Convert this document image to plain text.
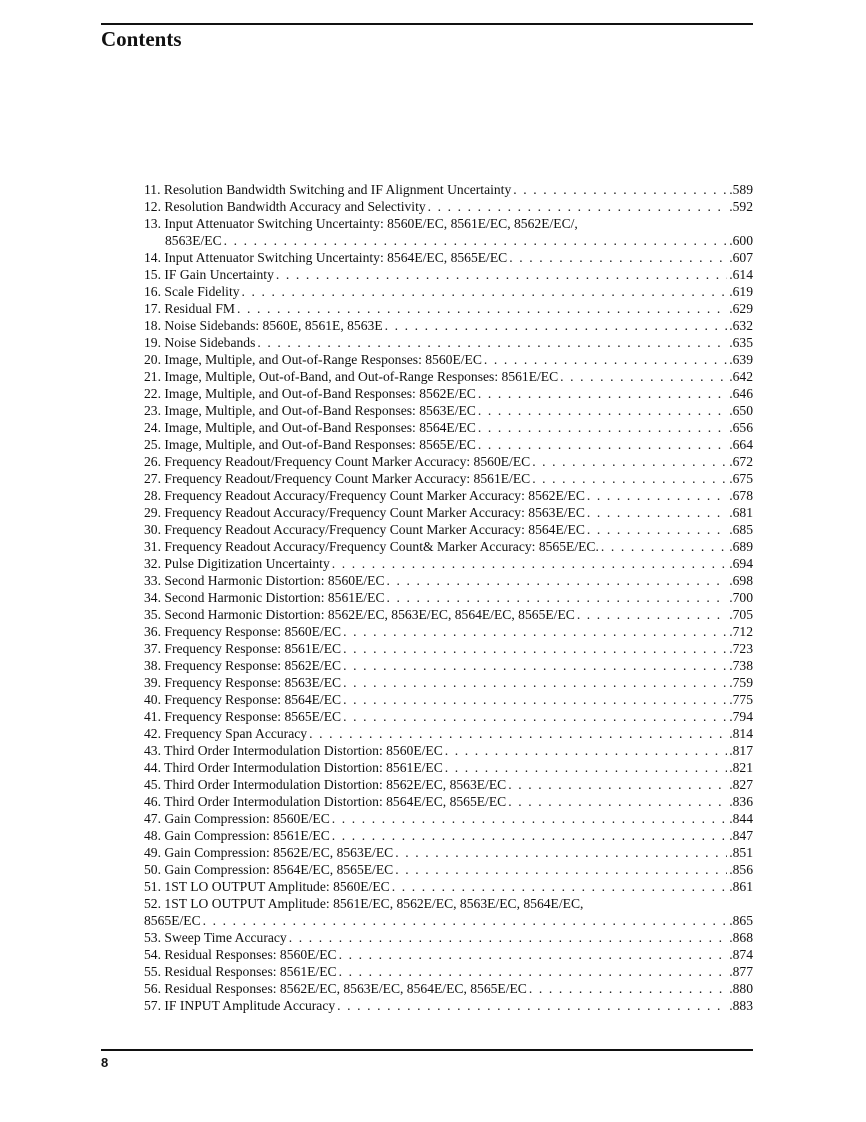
Contents
11. Resolution Bandwidth Switching and IF Alignment Uncertainty . . .	.589
12. Resolution Bandwidth Accuracy and Selectivity . . .	.592
13. Input Attenuator Switching Uncertainty: 8560E/EC, 8561E/EC, 8562E/EC/,
8563E/EC . . .	.600
14. Input Attenuator Switching Uncertainty: 8564E/EC, 8565E/EC . . .	.607
15. IF Gain Uncertainty . . .	.614
16. Scale Fidelity . . .	.619
17. Residual FM . . .	.629
18. Noise Sidebands: 8560E, 8561E, 8563E . . .	.632
19. Noise Sidebands . . .	.635
20. Image, Multiple, and Out-of-Range Responses: 8560E/EC . . .	.639
21. Image, Multiple, Out-of-Band, and Out-of-Range Responses: 8561E/EC . . .	.642
22. Image, Multiple, and Out-of-Band Responses: 8562E/EC . . .	.646
23. Image, Multiple, and Out-of-Band Responses: 8563E/EC . . .	.650
24. Image, Multiple, and Out-of-Band Responses: 8564E/EC . . .	.656
25. Image, Multiple, and Out-of-Band Responses: 8565E/EC . . .	.664
26. Frequency Readout/Frequency Count Marker Accuracy: 8560E/EC . . .	.672
27. Frequency Readout/Frequency Count Marker Accuracy: 8561E/EC . . .	.675
28. Frequency Readout Accuracy/Frequency Count Marker Accuracy: 8562E/EC . . .	.678
29. Frequency Readout Accuracy/Frequency Count Marker Accuracy: 8563E/EC . . .	.681
30. Frequency Readout Accuracy/Frequency Count Marker Accuracy: 8564E/EC . . .	.685
31. Frequency Readout Accuracy/Frequency Count& Marker Accuracy: 8565E/EC. . . .	.689
32. Pulse Digitization Uncertainty . . .	.694
33. Second Harmonic Distortion: 8560E/EC . . .	.698
34. Second Harmonic Distortion: 8561E/EC . . .	.700
35. Second Harmonic Distortion: 8562E/EC, 8563E/EC, 8564E/EC, 8565E/EC . . .	.705
36. Frequency Response: 8560E/EC . . .	.712
37. Frequency Response: 8561E/EC . . .	.723
38. Frequency Response: 8562E/EC . . .	.738
39. Frequency Response: 8563E/EC . . .	.759
40. Frequency Response: 8564E/EC . . .	.775
41. Frequency Response: 8565E/EC . . .	.794
42. Frequency Span Accuracy . . .	.814
43. Third Order Intermodulation Distortion: 8560E/EC . . .	.817
44. Third Order Intermodulation Distortion: 8561E/EC . . .	.821
45. Third Order Intermodulation Distortion: 8562E/EC, 8563E/EC . . .	.827
46. Third Order Intermodulation Distortion: 8564E/EC, 8565E/EC . . .	.836
47. Gain Compression: 8560E/EC . . .	.844
48. Gain Compression: 8561E/EC . . .	.847
49. Gain Compression: 8562E/EC, 8563E/EC . . .	.851
50. Gain Compression: 8564E/EC, 8565E/EC . . .	.856
51. 1ST LO OUTPUT Amplitude: 8560E/EC . . .	.861
52. 1ST LO OUTPUT Amplitude: 8561E/EC, 8562E/EC, 8563E/EC, 8564E/EC,
8565E/EC . . .	.865
53. Sweep Time Accuracy . . .	.868
54. Residual Responses: 8560E/EC . . .	.874
55. Residual Responses: 8561E/EC . . .	.877
56. Residual Responses: 8562E/EC, 8563E/EC, 8564E/EC, 8565E/EC . . .	.880
57. IF INPUT Amplitude Accuracy . . .	.883
8
